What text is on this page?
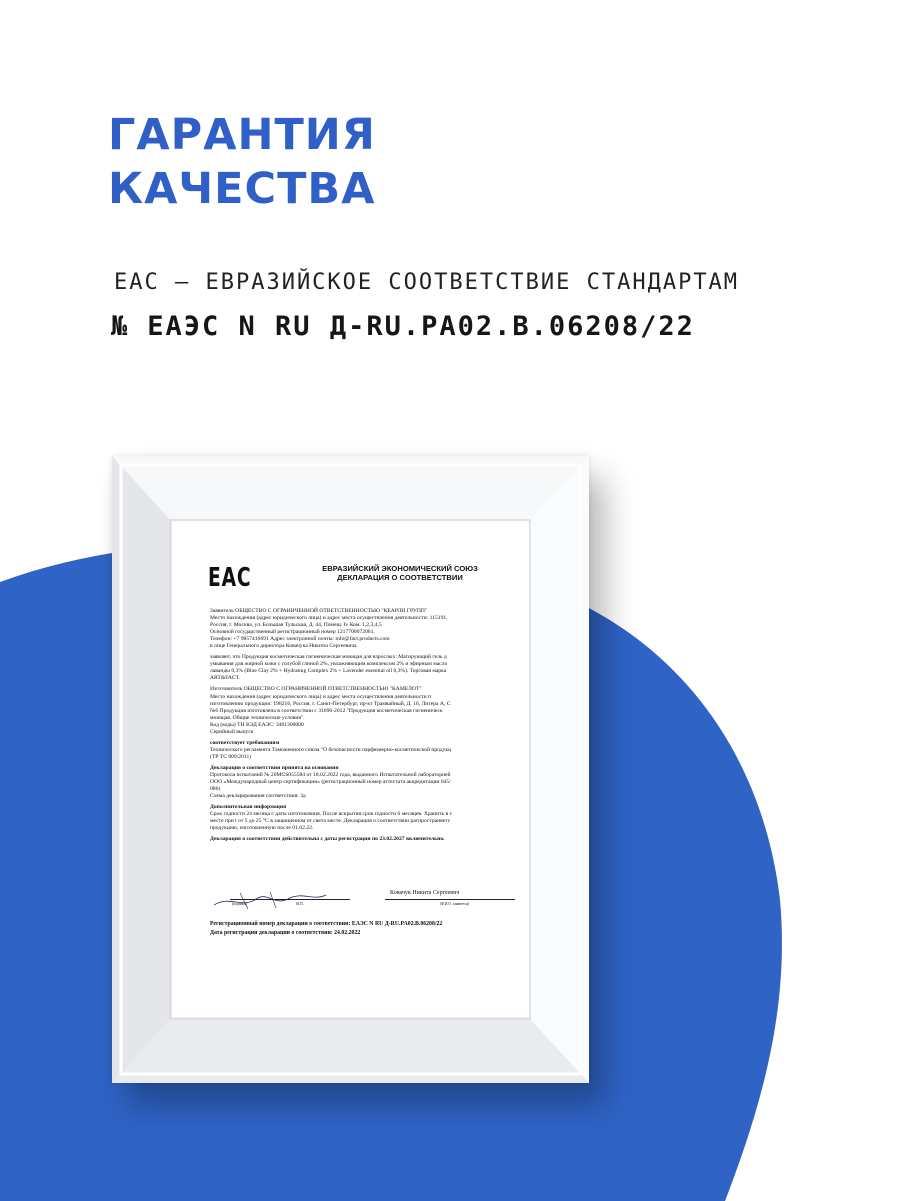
ГАРАНТИЯ
КАЧЕСТВА
EAC – ЕВРАЗИЙСКОЕ СООТВЕТСТВИЕ СТАНДАРТАМ
№ ЕАЭС N RU Д-RU.PA02.B.06208/22
EAC	ЕВРАЗИЙСКИЙ ЭКОНОМИЧЕСКИЙ СОЮЗ
ДЕКЛАРАЦИЯ О СООТВЕТСТВИИ
Заявитель ОБЩЕСТВО С ОГРАНИЧЕННОЙ ОТВЕТСТВЕННОСТЬЮ "КЕАРЛИ ГРУПП"
Место нахождения (адрес юридического лица) и адрес места осуществления деятельности: 115191,
Россия, г. Москва, ул. Большая Тульская, Д. 44, Помещ. Iv Ком. 1,2,3,4,5
Основной государственный регистрационный номер 1217700072061.
Телефон: +7 9857416691 Адрес электронной почты: info@fact.products.com
в лице Генерального директора Ковачука Никиты Сергеевича
заявляет, что Продукция косметическая гигиеническая моющая для взрослых: Матирующий гель д
умывания для жирной кожи с голубой глиной 2%, увлажняющим комплексом 2% и эфирным масло
лаванды 0,3% (Blue Clay 2% + Hydrating Complex 2% + Lavender essential oil 0,3%). Торговая марка
ART&FACT.
Изготовитель ОБЩЕСТВО С ОГРАНИЧЕННОЙ ОТВЕТСТВЕННОСТЬЮ "КАМЕЛОТ"
Место нахождения (адрес юридического лица) и адрес места осуществления деятельности п
изготовлению продукции: 198216, Россия, г. Санкт-Петербург, пр-кт Трамвайный, Д. 16, Литера А, С
№6 Продукция изготовлена в соответствии с 31696-2012 "Продукция косметическая гигиеническ
моющая. Общие технические условия".
Код (коды) ТН ВЭД ЕАЭС: 3401300000
Серийный выпуск
соответствует требованиям
Технического регламента Таможенного союза "О безопасности парфюмерно-косметической продукц
(ТР ТС 009/2011)
Декларация о соответствии принята на основании
Протокола испытаний № 20MCS055584 от 18.02.2022 года, выданного Испытательной лабораторией
ООО «Международный центр сертификации» (регистрационный номер аттестата аккредитации 045/
086)
Схема декларирования соответствия: 3д
Дополнительная информация
Срок годности 24 месяца с даты изготовления. После вскрытия срок годности 6 месяцев. Хранить в с
месте при t от 5 до 25 °С в защищенном от света месте. Декларация о соответствии распространяетс
продукцию, изготовленную после 01.02.22.
Декларация о соответствии действительна с даты регистрации по 23.02.2027 включительно.
Ковачук Никита Сергеевич
(подпись)	М.П.	(Ф.И.О. заявителя)
Регистрационный номер декларации о соответствии: ЕАЭС N RU Д-RU.PA02.B.06208/22
Дата регистрации декларации о соответствии: 24.02.2022
